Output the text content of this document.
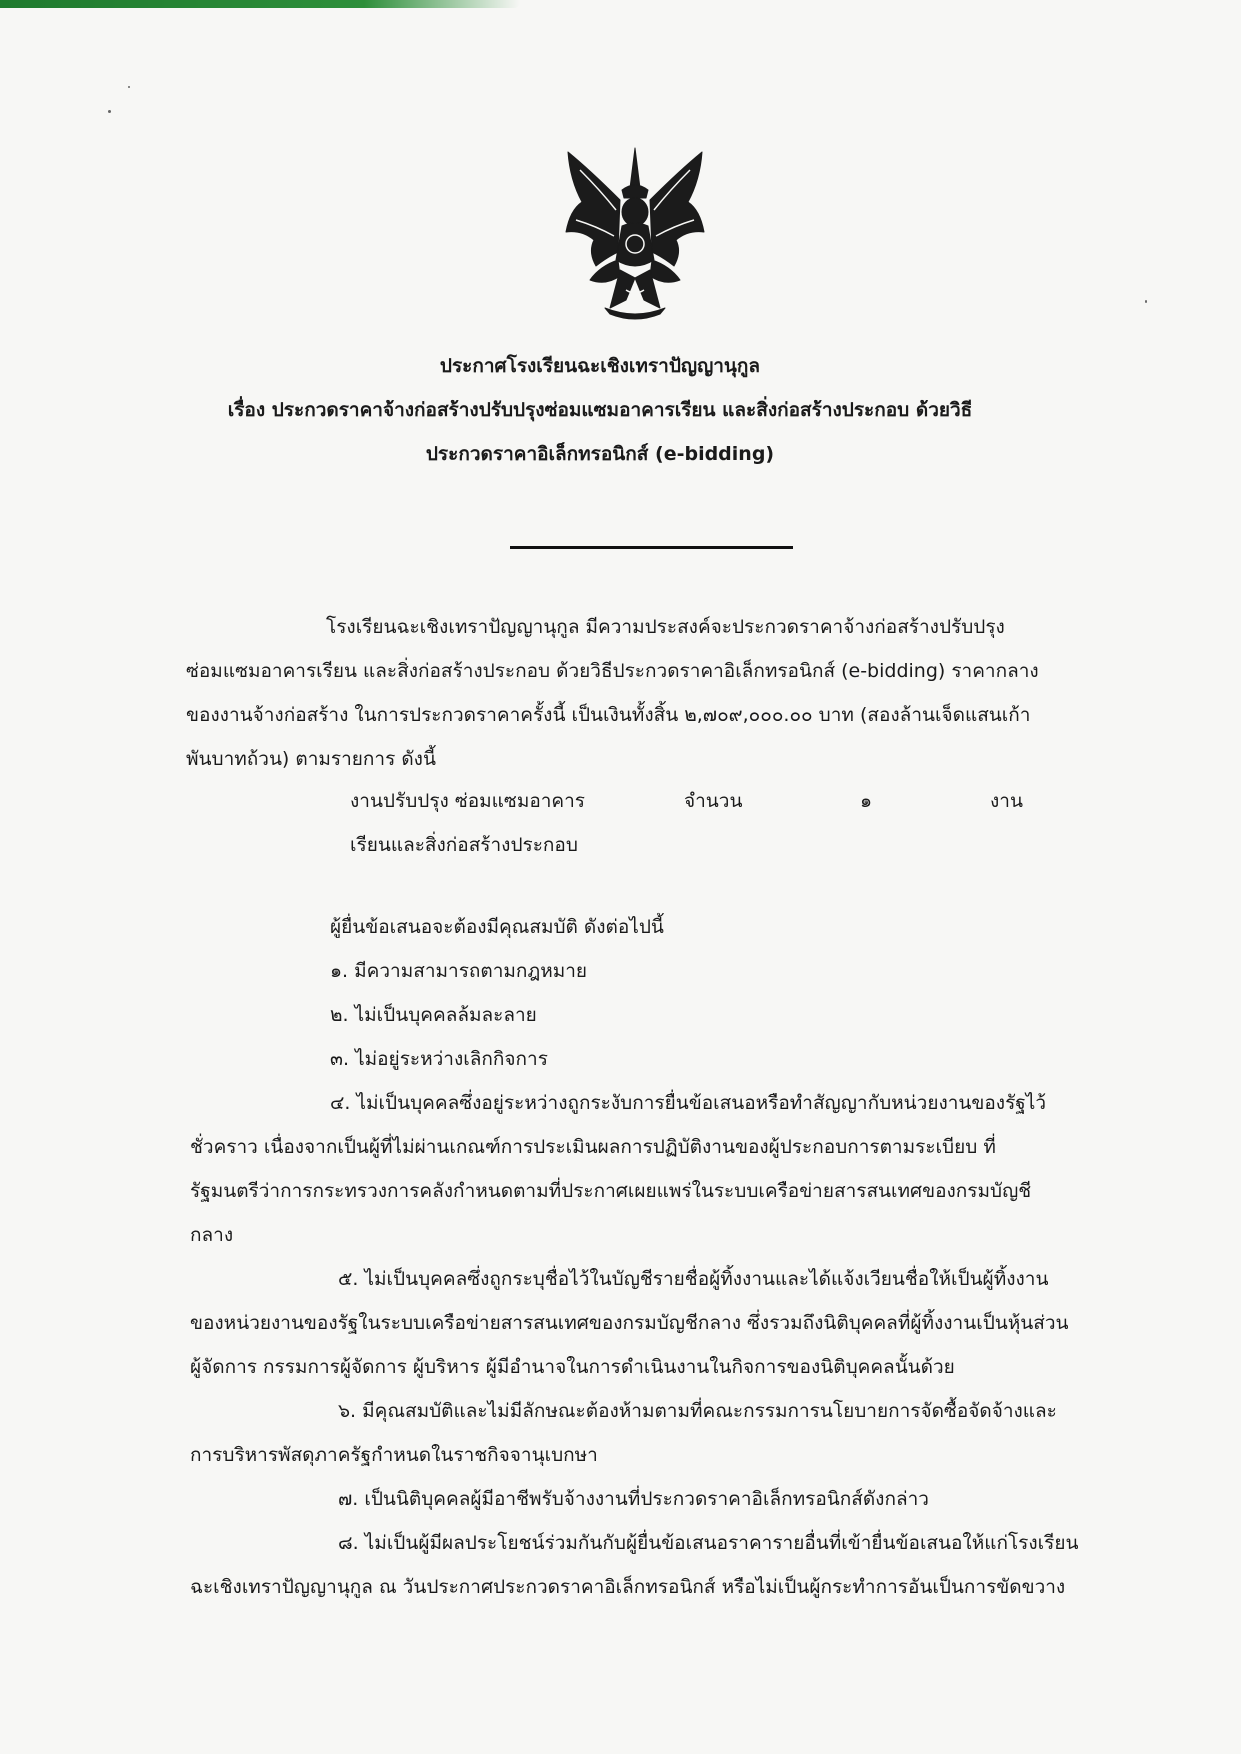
ประกาศโรงเรียนฉะเชิงเทราปัญญานุกูล
เรื่อง ประกวดราคาจ้างก่อสร้างปรับปรุงซ่อมแซมอาคารเรียน และสิ่งก่อสร้างประกอบ ด้วยวิธี
ประกวดราคาอิเล็กทรอนิกส์ (e-bidding)
โรงเรียนฉะเชิงเทราปัญญานุกูล มีความประสงค์จะประกวดราคาจ้างก่อสร้างปรับปรุง
ซ่อมแซมอาคารเรียน และสิ่งก่อสร้างประกอบ ด้วยวิธีประกวดราคาอิเล็กทรอนิกส์ (e-bidding) ราคากลาง
ของงานจ้างก่อสร้าง ในการประกวดราคาครั้งนี้ เป็นเงินทั้งสิ้น ๒,๗๐๙,๐๐๐.๐๐ บาท (สองล้านเจ็ดแสนเก้า
พันบาทถ้วน) ตามรายการ ดังนี้
งานปรับปรุง ซ่อมแซมอาคาร
เรียนและสิ่งก่อสร้างประกอบ
จำนวน	๑	งาน
ผู้ยื่นข้อเสนอจะต้องมีคุณสมบัติ ดังต่อไปนี้
๑. มีความสามารถตามกฎหมาย
๒. ไม่เป็นบุคคลล้มละลาย
๓. ไม่อยู่ระหว่างเลิกกิจการ
๔. ไม่เป็นบุคคลซึ่งอยู่ระหว่างถูกระงับการยื่นข้อเสนอหรือทำสัญญากับหน่วยงานของรัฐไว้
ชั่วคราว เนื่องจากเป็นผู้ที่ไม่ผ่านเกณฑ์การประเมินผลการปฏิบัติงานของผู้ประกอบการตามระเบียบ ที่
รัฐมนตรีว่าการกระทรวงการคลังกำหนดตามที่ประกาศเผยแพร่ในระบบเครือข่ายสารสนเทศของกรมบัญชี
กลาง
๕. ไม่เป็นบุคคลซึ่งถูกระบุชื่อไว้ในบัญชีรายชื่อผู้ทิ้งงานและได้แจ้งเวียนชื่อให้เป็นผู้ทิ้งงาน
ของหน่วยงานของรัฐในระบบเครือข่ายสารสนเทศของกรมบัญชีกลาง ซึ่งรวมถึงนิติบุคคลที่ผู้ทิ้งงานเป็นหุ้นส่วน
ผู้จัดการ กรรมการผู้จัดการ ผู้บริหาร ผู้มีอำนาจในการดำเนินงานในกิจการของนิติบุคคลนั้นด้วย
๖. มีคุณสมบัติและไม่มีลักษณะต้องห้ามตามที่คณะกรรมการนโยบายการจัดซื้อจัดจ้างและ
การบริหารพัสดุภาครัฐกำหนดในราชกิจจานุเบกษา
๗. เป็นนิติบุคคลผู้มีอาชีพรับจ้างงานที่ประกวดราคาอิเล็กทรอนิกส์ดังกล่าว
๘. ไม่เป็นผู้มีผลประโยชน์ร่วมกันกับผู้ยื่นข้อเสนอราคารายอื่นที่เข้ายื่นข้อเสนอให้แก่โรงเรียน
ฉะเชิงเทราปัญญานุกูล ณ วันประกาศประกวดราคาอิเล็กทรอนิกส์ หรือไม่เป็นผู้กระทำการอันเป็นการขัดขวาง
